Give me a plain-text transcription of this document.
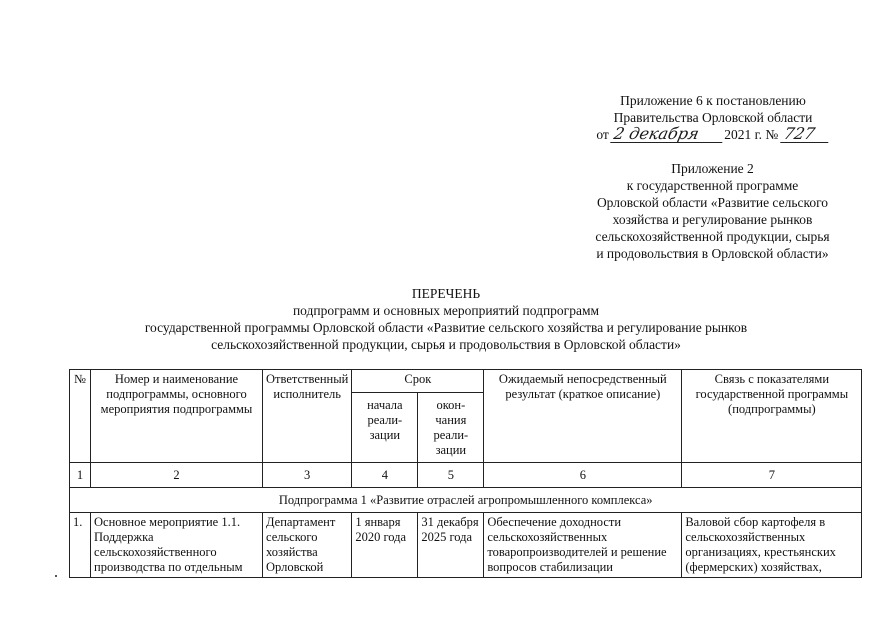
Приложение 6 к постановлению
Правительства Орловской области
от
2 декабря	2021 г. №
727
Приложение 2
к государственной программе
Орловской области «Развитие сельского
хозяйства и регулирование рынков
сельскохозяйственной продукции, сырья
и продовольствия в Орловской области»
ПЕРЕЧЕНЬ
подпрограмм и основных мероприятий подпрограмм
государственной программы Орловской области «Развитие сельского хозяйства и регулирование рынков
сельскохозяйственной продукции, сырья и продовольствия в Орловской области»
№	Номер и наименование подпрограммы, основного мероприятия подпрограммы	Ответственный исполнитель	Срок		Ожидаемый непосредственный результат (краткое описание)	Связь с показателями государственной программы (подпрограммы)
			начала реали-зации	окон-чания реали-зации		
1	2	3	4	5	6	7
Подпрограмма 1 «Развитие отраслей агропромышленного комплекса»						
1.	Основное мероприятие 1.1. Поддержка сельскохозяйственного производства по отдельным	Департамент сельского хозяйства Орловской	1 января 2020 года	31 декабря 2025 года	Обеспечение доходности сельскохозяйственных товаропроизводителей и решение вопросов стабилизации	Валовой сбор картофеля в сельскохозяйственных организациях, крестьянских (фермерских) хозяйствах,
